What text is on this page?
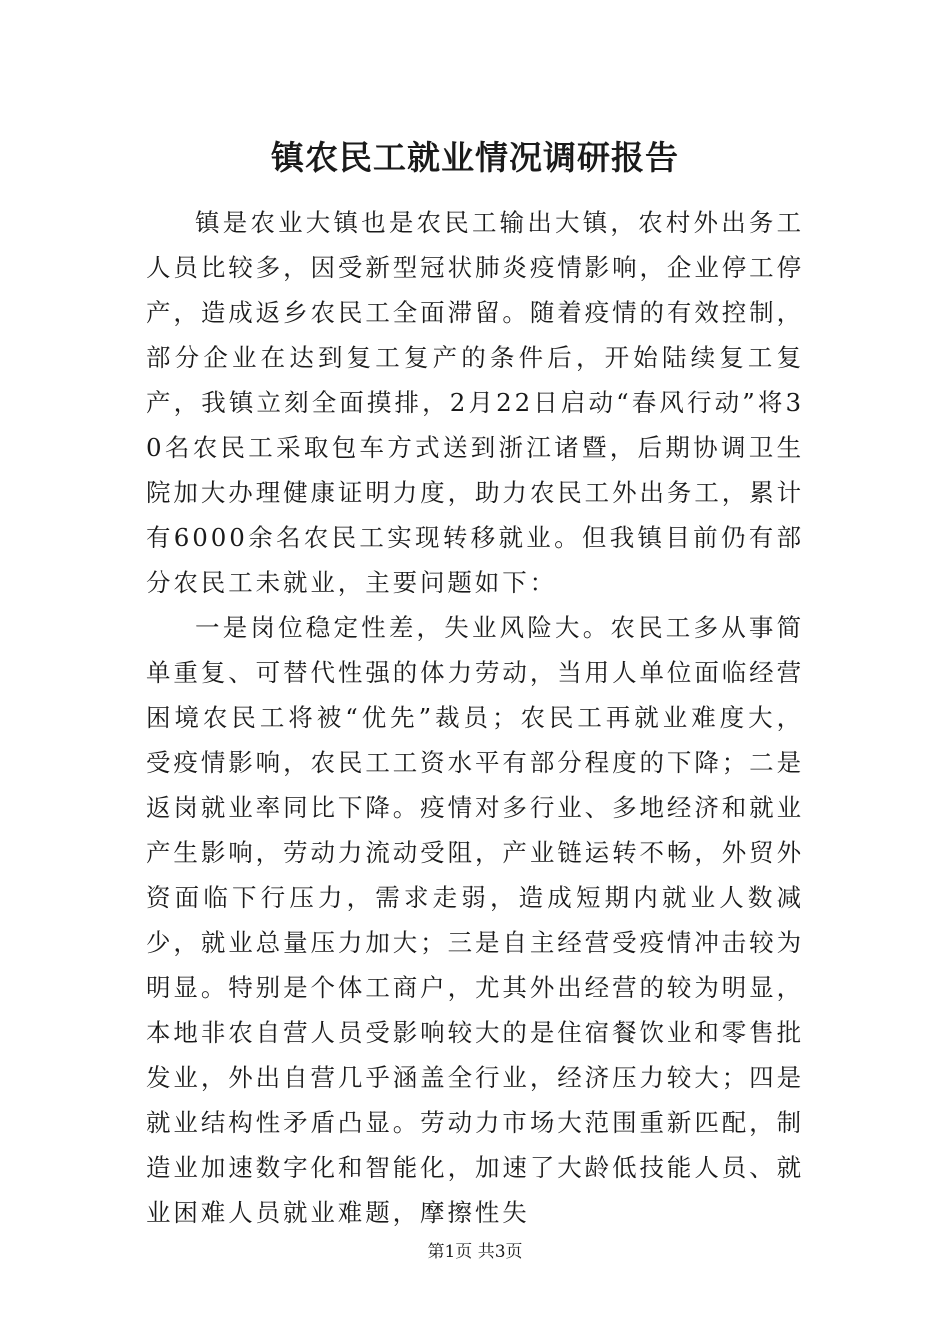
镇农民工就业情况调研报告

镇是农业大镇也是农民工输出大镇，农村外出务工人员比较多，因受新型冠状肺炎疫情影响，企业停工停产，造成返乡农民工全面滞留。随着疫情的有效控制，部分企业在达到复工复产的条件后，开始陆续复工复产，我镇立刻全面摸排，2月22日启动“春风行动”将30名农民工采取包车方式送到浙江诸暨，后期协调卫生院加大办理健康证明力度，助力农民工外出务工，累计有6000余名农民工实现转移就业。但我镇目前仍有部分农民工未就业，主要问题如下：

一是岗位稳定性差，失业风险大。农民工多从事简单重复、可替代性强的体力劳动，当用人单位面临经营困境农民工将被“优先”裁员；农民工再就业难度大，受疫情影响，农民工工资水平有部分程度的下降；二是返岗就业率同比下降。疫情对多行业、多地经济和就业产生影响，劳动力流动受阻，产业链运转不畅，外贸外资面临下行压力，需求走弱，造成短期内就业人数减少，就业总量压力加大；三是自主经营受疫情冲击较为明显。特别是个体工商户，尤其外出经营的较为明显，本地非农自营人员受影响较大的是住宿餐饮业和零售批发业，外出自营几乎涵盖全行业，经济压力较大；四是就业结构性矛盾凸显。劳动力市场大范围重新匹配，制造业加速数字化和智能化，加速了大龄低技能人员、就业困难人员就业难题，摩擦性失

第1页 共3页
